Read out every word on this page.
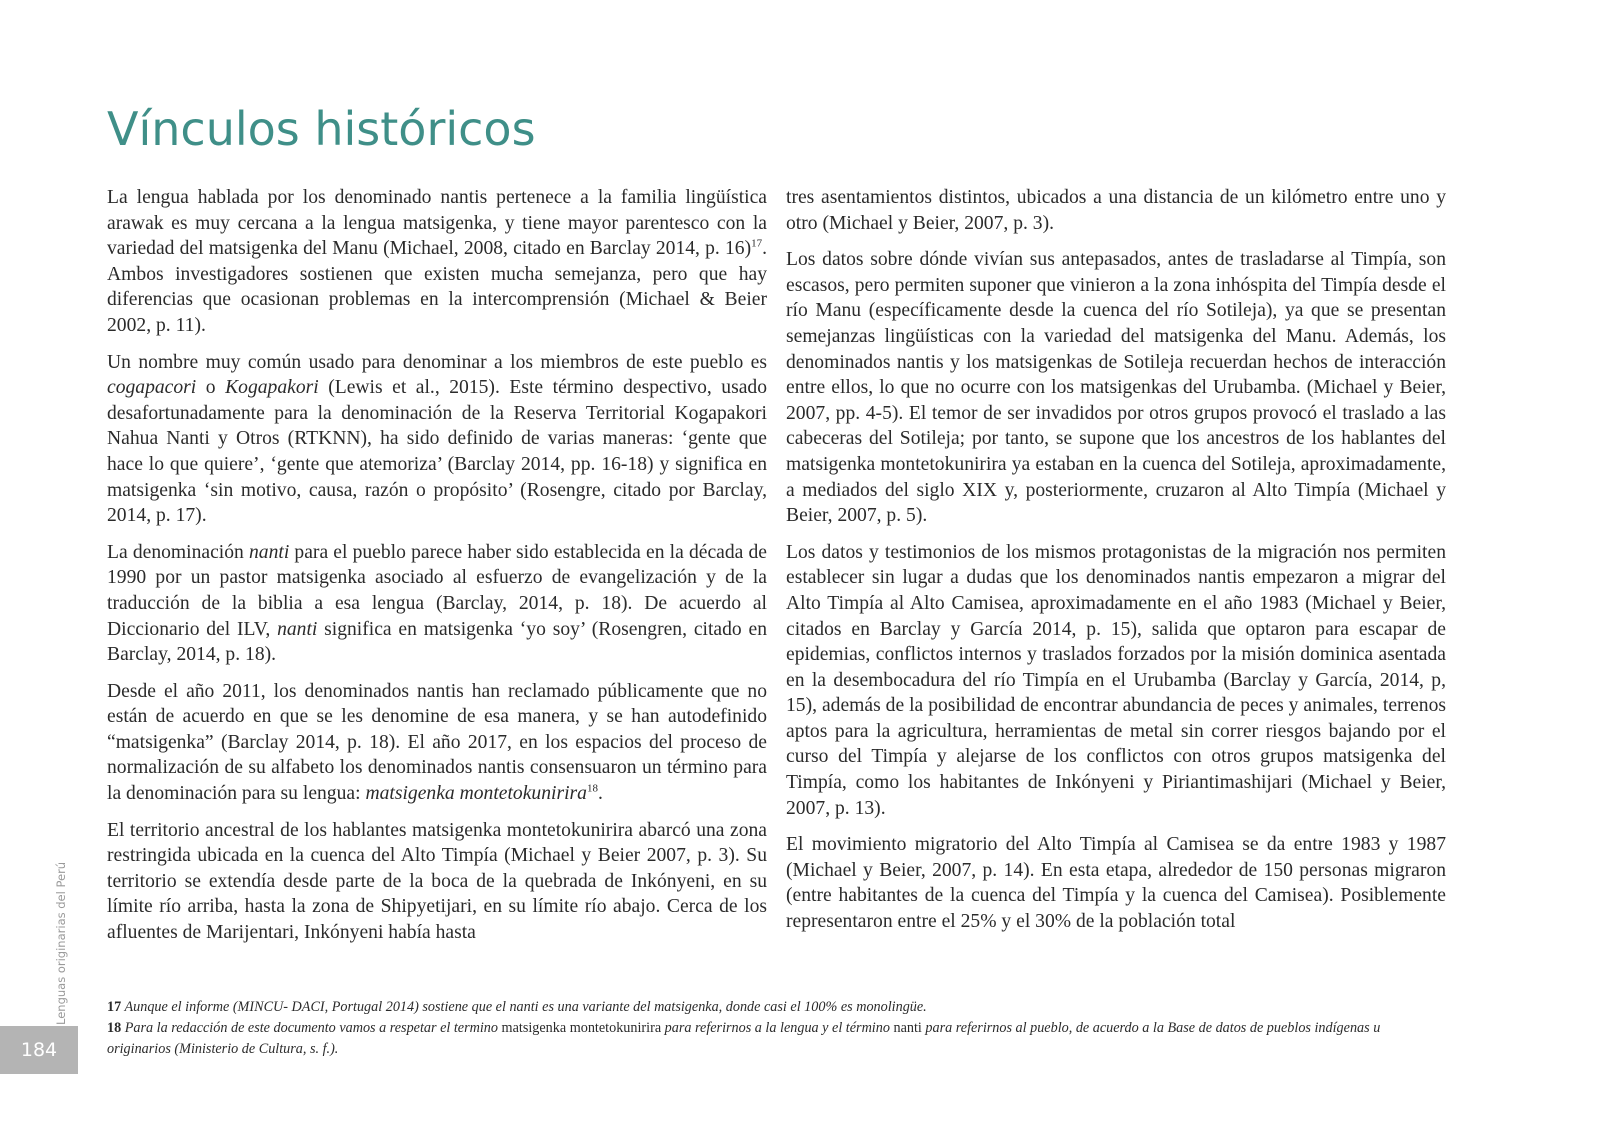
Vínculos históricos

La lengua hablada por los denominado nantis pertenece a la familia lingüística arawak es muy cercana a la lengua matsigenka, y tiene mayor parentesco con la variedad del matsigenka del Manu (Michael, 2008, citado en Barclay 2014, p. 16)$^{17}$. Ambos investigadores sostienen que existen mucha semejanza, pero que hay diferencias que ocasionan problemas en la intercomprensión (Michael & Beier 2002, p. 11).

Un nombre muy común usado para denominar a los miembros de este pueblo es cogapacori o Kogapakori (Lewis et al., 2015). Este término despectivo, usado desafortunadamente para la denominación de la Reserva Territorial Kogapakori Nahua Nanti y Otros (RTKNN), ha sido definido de varias maneras: ‘gente que hace lo que quiere’, ‘gente que atemoriza’ (Barclay 2014, pp. 16-18) y significa en matsigenka ‘sin motivo, causa, razón o propósito’ (Rosengre, citado por Barclay, 2014, p. 17).

La denominación nanti para el pueblo parece haber sido establecida en la década de 1990 por un pastor matsigenka asociado al esfuerzo de evangelización y de la traducción de la biblia a esa lengua (Barclay, 2014, p. 18). De acuerdo al Diccionario del ILV, nanti significa en matsigenka ‘yo soy’ (Rosengren, citado en Barclay, 2014, p. 18).

Desde el año 2011, los denominados nantis han reclamado públicamente que no están de acuerdo en que se les denomine de esa manera, y se han autodefinido “matsigenka” (Barclay 2014, p. 18). El año 2017, en los espacios del proceso de normalización de su alfabeto los denominados nantis consensuaron un término para la denominación para su lengua: matsigenka montetokunirira$^{18}$.

El territorio ancestral de los hablantes matsigenka montetokunirira abarcó una zona restringida ubicada en la cuenca del Alto Timpía (Michael y Beier 2007, p. 3). Su territorio se extendía desde parte de la boca de la quebrada de Inkónyeni, en su límite río arriba, hasta la zona de Shipyetijari, en su límite río abajo. Cerca de los afluentes de Marijentari, Inkónyeni había hasta

tres asentamientos distintos, ubicados a una distancia de un kilómetro entre uno y otro (Michael y Beier, 2007, p. 3).

Los datos sobre dónde vivían sus antepasados, antes de trasladarse al Timpía, son escasos, pero permiten suponer que vinieron a la zona inhóspita del Timpía desde el río Manu (específicamente desde la cuenca del río Sotileja), ya que se presentan semejanzas lingüísticas con la variedad del matsigenka del Manu. Además, los denominados nantis y los matsigenkas de Sotileja recuerdan hechos de interacción entre ellos, lo que no ocurre con los matsigenkas del Urubamba. (Michael y Beier, 2007, pp. 4-5). El temor de ser invadidos por otros grupos provocó el traslado a las cabeceras del Sotileja; por tanto, se supone que los ancestros de los hablantes del matsigenka montetokunirira ya estaban en la cuenca del Sotileja, aproximadamente, a mediados del siglo XIX y, posteriormente, cruzaron al Alto Timpía (Michael y Beier, 2007, p. 5).

Los datos y testimonios de los mismos protagonistas de la migración nos permiten establecer sin lugar a dudas que los denominados nantis empezaron a migrar del Alto Timpía al Alto Camisea, aproximadamente en el año 1983 (Michael y Beier, citados en Barclay y García 2014, p. 15), salida que optaron para escapar de epidemias, conflictos internos y traslados forzados por la misión dominica asentada en la desembocadura del río Timpía en el Urubamba (Barclay y García, 2014, p, 15), además de la posibilidad de encontrar abundancia de peces y animales, terrenos aptos para la agricultura, herramientas de metal sin correr riesgos bajando por el curso del Timpía y alejarse de los conflictos con otros grupos matsigenka del Timpía, como los habitantes de Inkónyeni y Piriantimashijari (Michael y Beier, 2007, p. 13).

El movimiento migratorio del Alto Timpía al Camisea se da entre 1983 y 1987 (Michael y Beier, 2007, p. 14). En esta etapa, alrededor de 150 personas migraron (entre habitantes de la cuenca del Timpía y la cuenca del Camisea). Posiblemente representaron entre el 25% y el 30% de la población total

17 Aunque el informe (MINCU- DACI, Portugal 2014) sostiene que el nanti es una variante del matsigenka, donde casi el 100% es monolingüe.

18 Para la redacción de este documento vamos a respetar el termino matsigenka montetokunirira para referirnos a la lengua y el término nanti para referirnos al pueblo, de acuerdo a la Base de datos de pueblos indígenas u originarios (Ministerio de Cultura, s. f.).

Lenguas originarias del Perú
184
